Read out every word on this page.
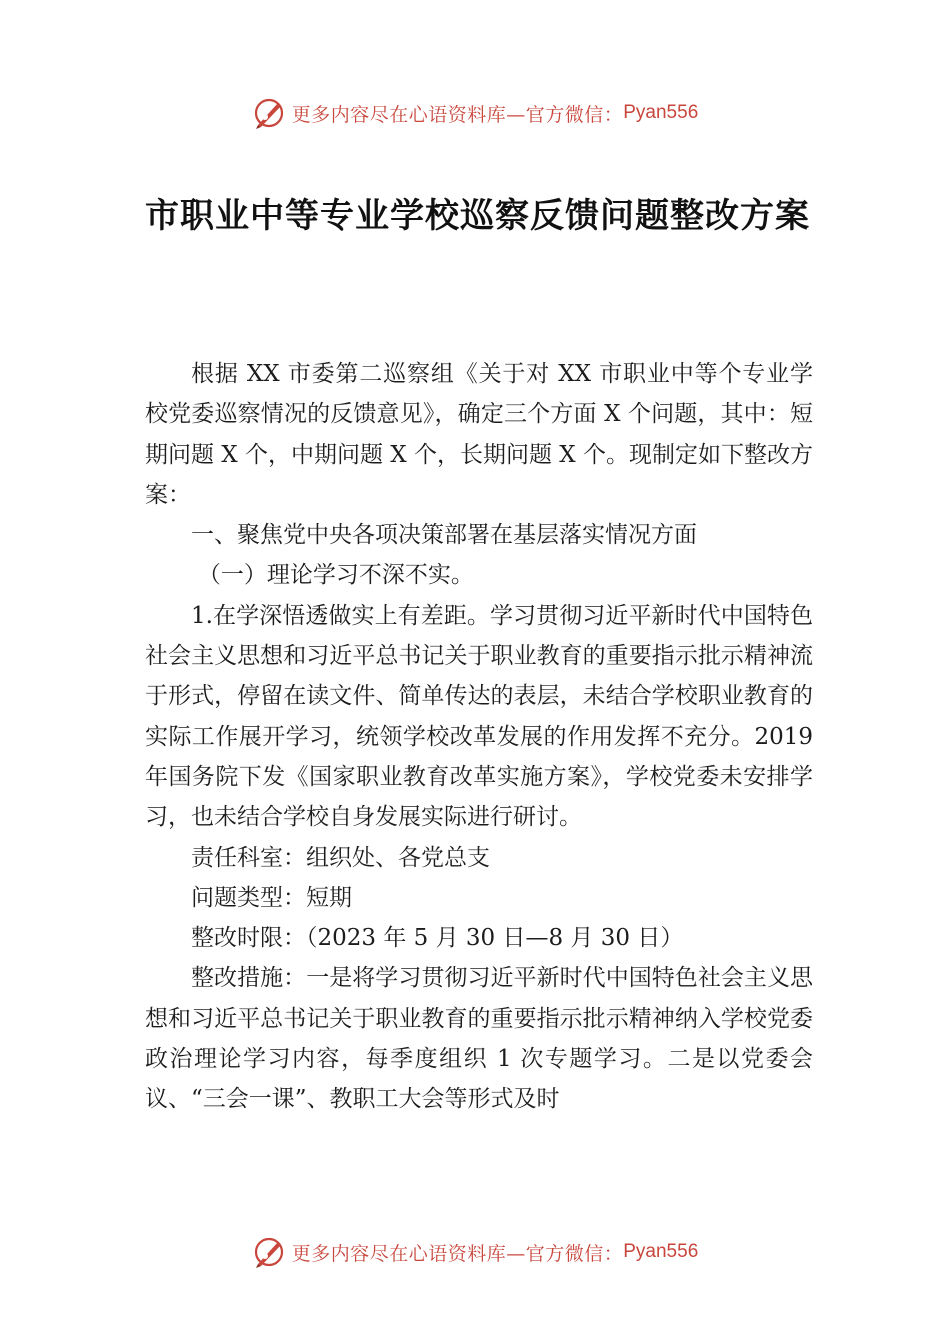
更多内容尽在心语资料库—官方微信： Pyan556
市职业中等专业学校巡察反馈问题整改方案

根据 XX 市委第二巡察组《关于对 XX 市职业中等个专业学校党委巡察情况的反馈意见》，确定三个方面 X 个问题，其中：短期问题 X 个，中期问题 X 个，长期问题 X 个。现制定如下整改方案：

一、聚焦党中央各项决策部署在基层落实情况方面

（一）理论学习不深不实。

1.在学深悟透做实上有差距。学习贯彻习近平新时代中国特色社会主义思想和习近平总书记关于职业教育的重要指示批示精神流于形式，停留在读文件、简单传达的表层，未结合学校职业教育的实际工作展开学习，统领学校改革发展的作用发挥不充分。2019 年国务院下发《国家职业教育改革实施方案》，学校党委未安排学习，也未结合学校自身发展实际进行研讨。

责任科室：组织处、各党总支

问题类型：短期

整改时限：（2023 年 5 月 30 日—8 月 30 日）

整改措施：一是将学习贯彻习近平新时代中国特色社会主义思想和习近平总书记关于职业教育的重要指示批示精神纳入学校党委政治理论学习内容，每季度组织 1 次专题学习。二是以党委会议、“三会一课”、教职工大会等形式及时

更多内容尽在心语资料库—官方微信： Pyan556
